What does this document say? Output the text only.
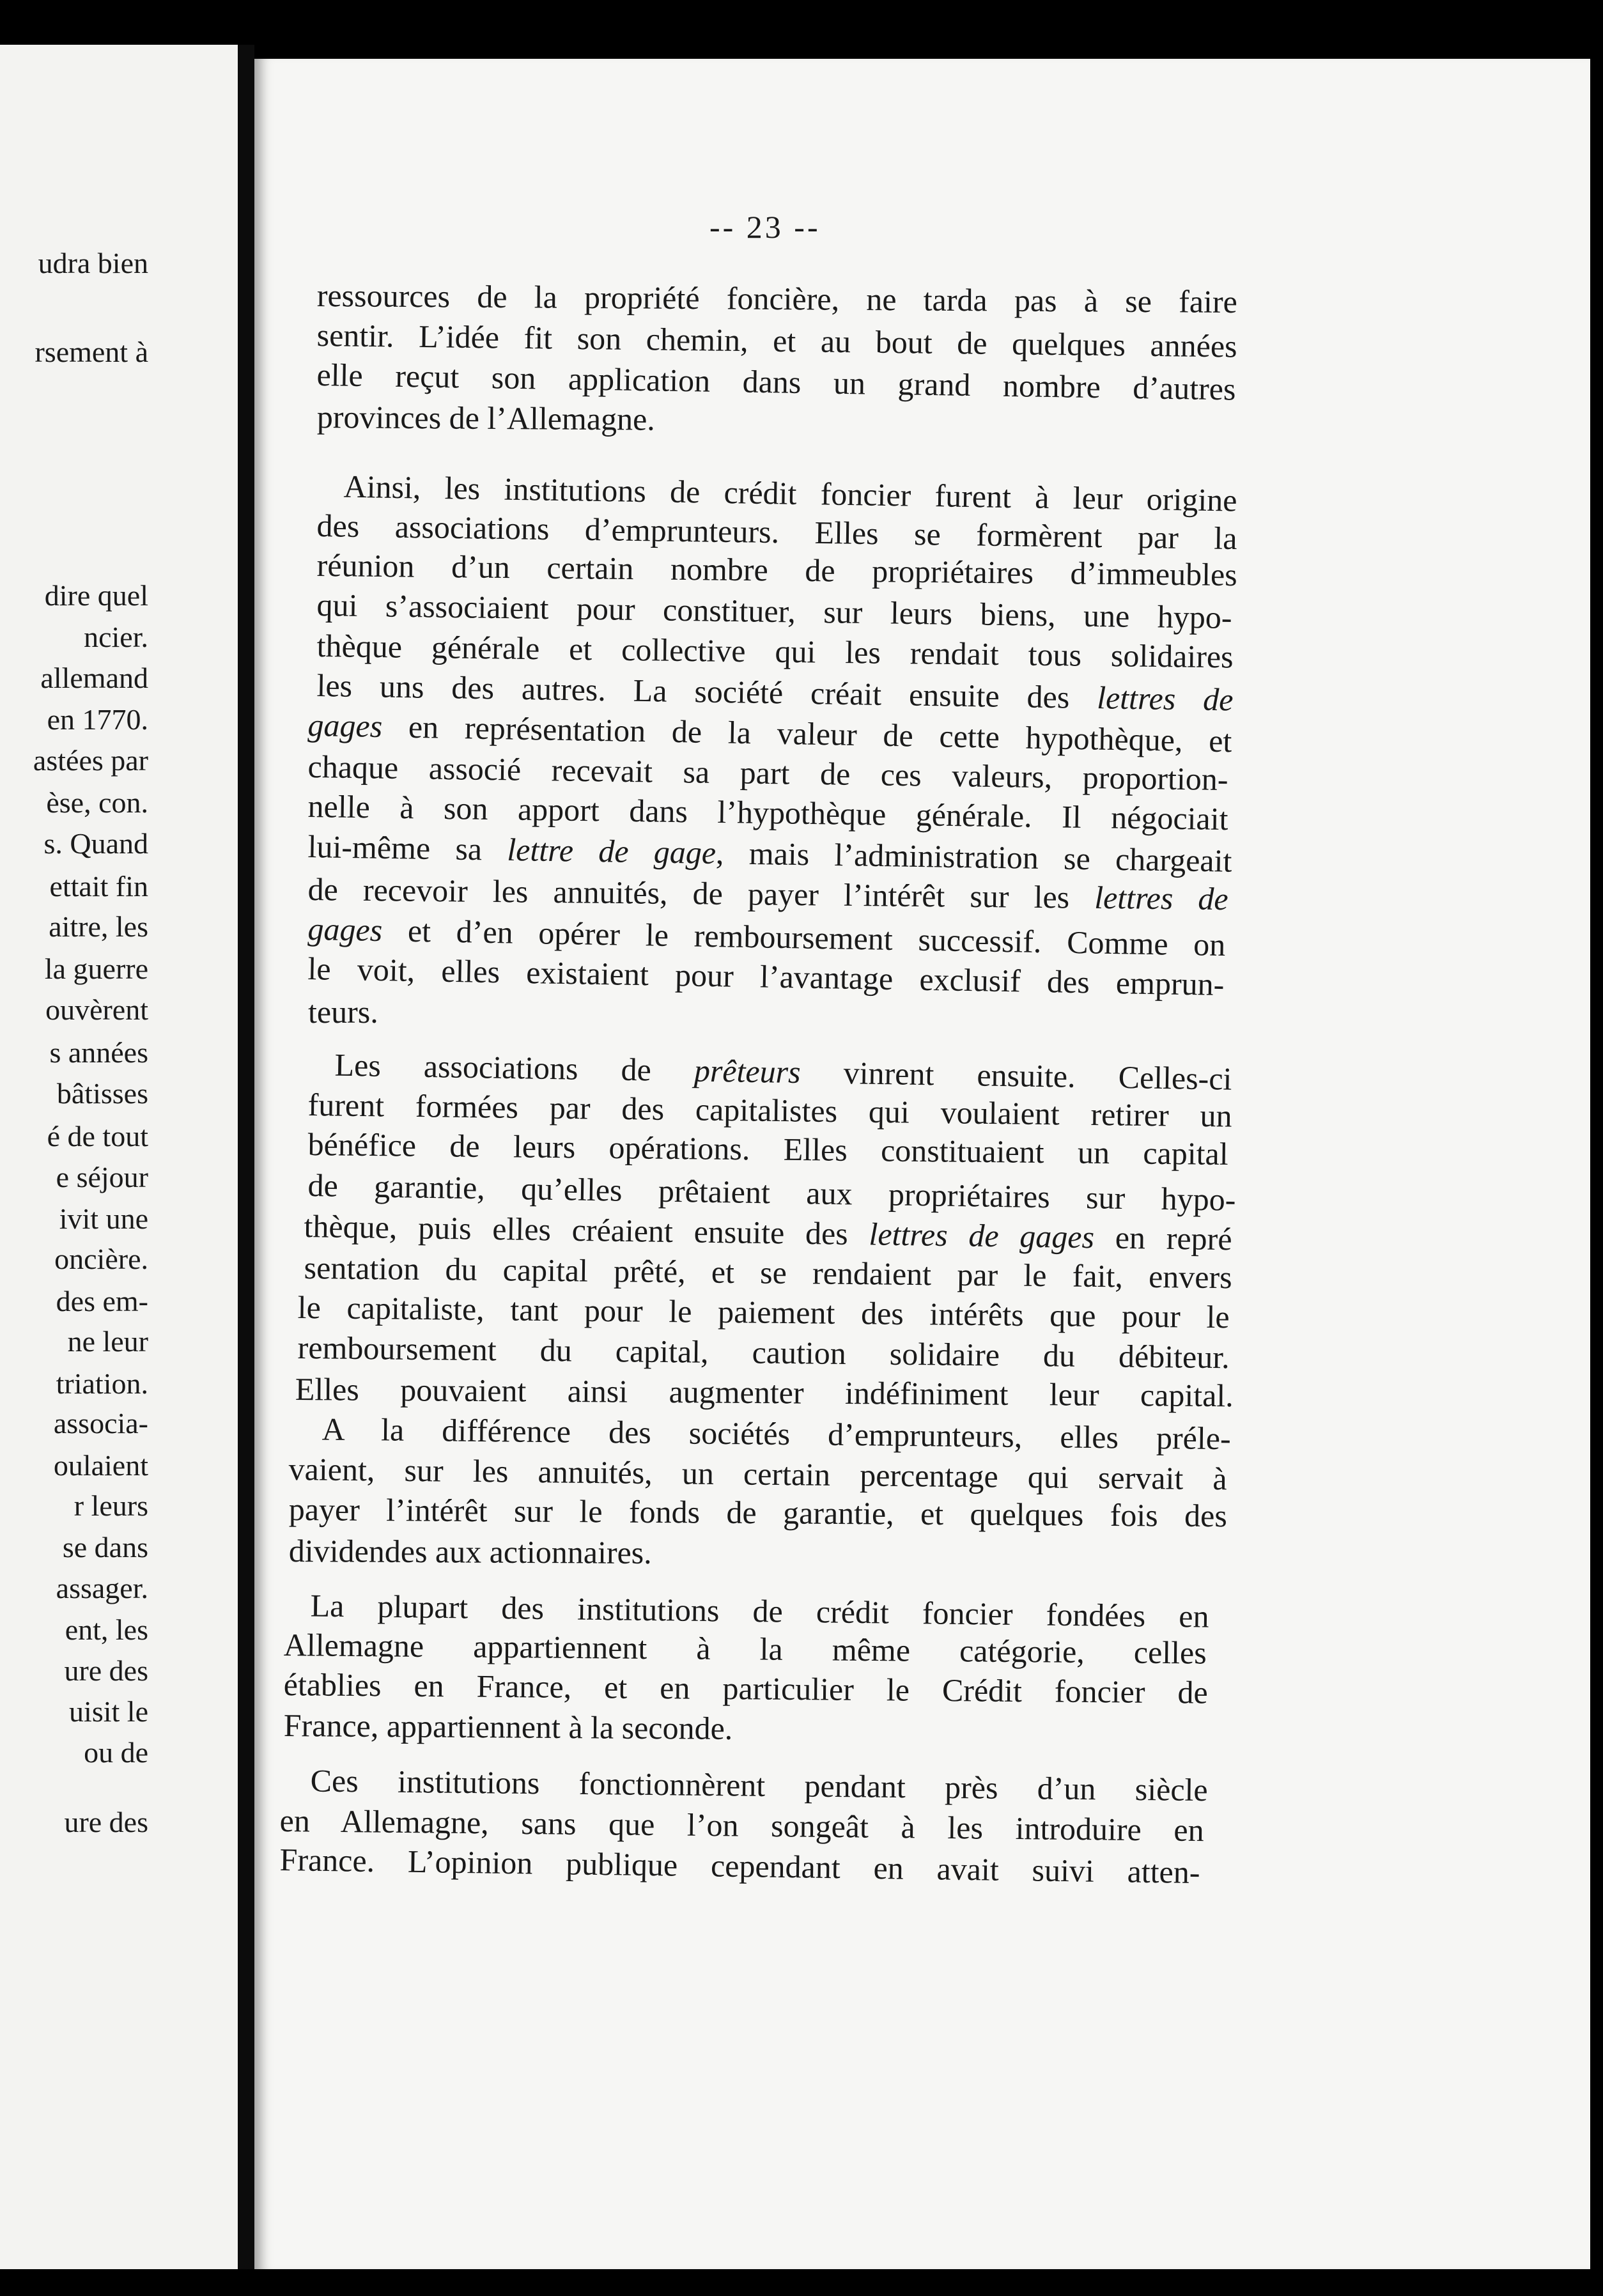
-- 23 --
ressources de la propriété foncière, ne tarda pas à se faire
sentir. L’idée fit son chemin, et au bout de quelques années
elle reçut son application dans un grand nombre d’autres
provinces de l’Allemagne.
Ainsi, les institutions de crédit foncier furent à leur origine
des associations d’emprunteurs. Elles se formèrent par la
réunion d’un certain nombre de propriétaires d’immeubles
qui s’associaient pour constituer, sur leurs biens, une hypo-
thèque générale et collective qui les rendait tous solidaires
les uns des autres. La société créait ensuite des lettres de
gages en représentation de la valeur de cette hypothèque, et
chaque associé recevait sa part de ces valeurs, proportion-
nelle à son apport dans l’hypothèque générale. Il négociait
lui-même sa lettre de gage, mais l’administration se chargeait
de recevoir les annuités, de payer l’intérêt sur les lettres de
gages et d’en opérer le remboursement successif. Comme on
le voit, elles existaient pour l’avantage exclusif des emprun-
teurs.
Les associations de prêteurs vinrent ensuite. Celles-ci
furent formées par des capitalistes qui voulaient retirer un
bénéfice de leurs opérations. Elles constituaient un capital
de garantie, qu’elles prêtaient aux propriétaires sur hypo-
thèque, puis elles créaient ensuite des lettres de gages en repré
sentation du capital prêté, et se rendaient par le fait, envers
le capitaliste, tant pour le paiement des intérêts que pour le
remboursement du capital, caution solidaire du débiteur.
Elles pouvaient ainsi augmenter indéfiniment leur capital.
A la différence des sociétés d’emprunteurs, elles préle-
vaient, sur les annuités, un certain percentage qui servait à
payer l’intérêt sur le fonds de garantie, et quelques fois des
dividendes aux actionnaires.
La plupart des institutions de crédit foncier fondées en
Allemagne appartiennent à la même catégorie, celles
établies en France, et en particulier le Crédit foncier de
France, appartiennent à la seconde.
Ces institutions fonctionnèrent pendant près d’un siècle
en Allemagne, sans que l’on songeât à les introduire en
France. L’opinion publique cependant en avait suivi atten-
udra bien
rsement à
dire quel
ncier.
allemand
en 1770.
astées par
èse, con.
s. Quand
ettait fin
aitre, les
la guerre
ouvèrent
s années
bâtisses
é de tout
e séjour
ivit une
oncière.
des em-
ne leur
triation.
associa-
oulaient
r leurs
se dans
assager.
ent, les
ure des
uisit le
ou de
ure des
